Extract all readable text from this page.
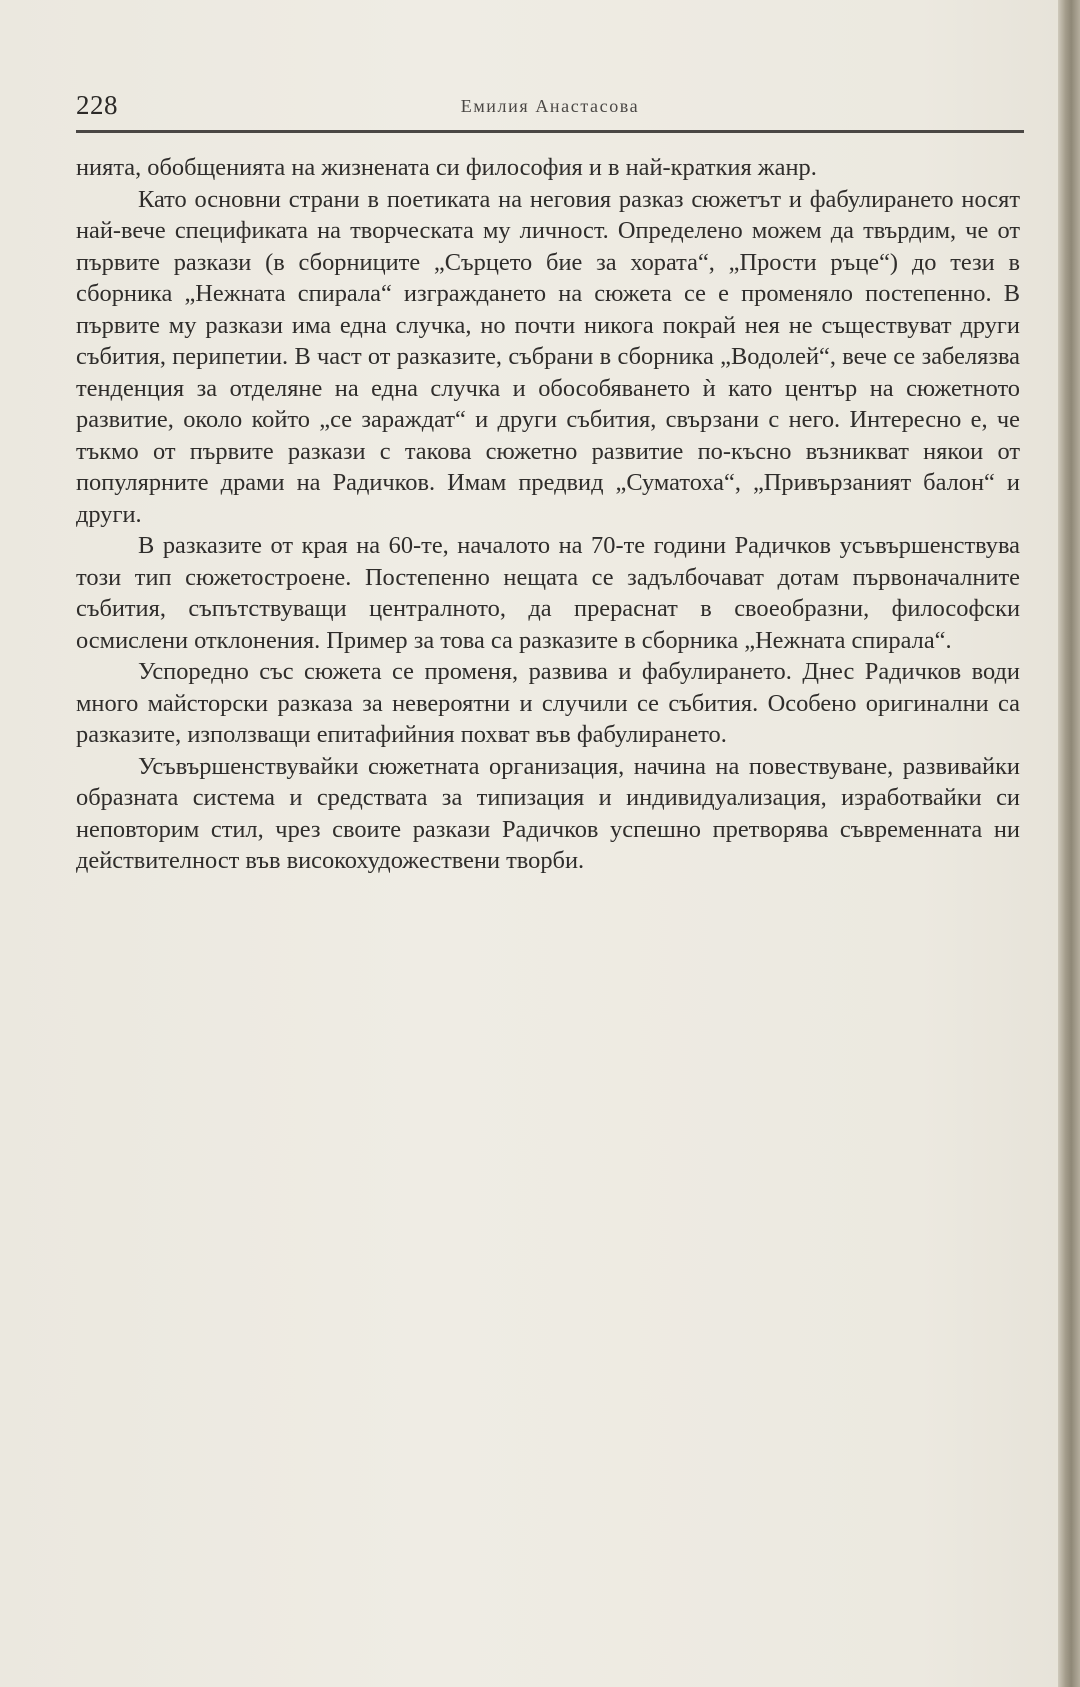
228	Емилия Анастасова

нията, обобщенията на жизнената си философия и в най-краткия жанр.

Като основни страни в поетиката на неговия разказ сюжетът и фабулирането носят най-вече спецификата на творческата му личност. Определено можем да твърдим, че от първите разкази (в сборниците „Сърцето бие за хората“, „Прости ръце“) до тези в сборника „Нежната спирала“ изграждането на сюжета се е променяло постепенно. В първите му разкази има една случка, но почти никога покрай нея не съществуват други събития, перипетии. В част от разказите, събрани в сборника „Водолей“, вече се забелязва тенденция за отделяне на една случка и обособяването ѝ като център на сюжетното развитие, около който „се зараждат“ и други събития, свързани с него. Интересно е, че тъкмо от първите разкази с такова сюжетно развитие по-късно възникват някои от популярните драми на Радичков. Имам предвид „Суматоха“, „Привързаният балон“ и други.

В разказите от края на 60-те, началото на 70-те години Радичков усъвършенствува този тип сюжетостроене. Постепенно нещата се задълбочават дотам първоначалните събития, съпътствуващи централното, да прераснат в своеобразни, философски осмислени отклонения. Пример за това са разказите в сборника „Нежната спирала“.

Успоредно със сюжета се променя, развива и фабулирането. Днес Радичков води много майсторски разказа за невероятни и случили се събития. Особено оригинални са разказите, използващи епитафийния похват във фабулирането.

Усъвършенствувайки сюжетната организация, начина на повествуване, развивайки образната система и средствата за типизация и индивидуализация, изработвайки си неповторим стил, чрез своите разкази Радичков успешно претворява съвременната ни действителност във високохудожествени творби.
